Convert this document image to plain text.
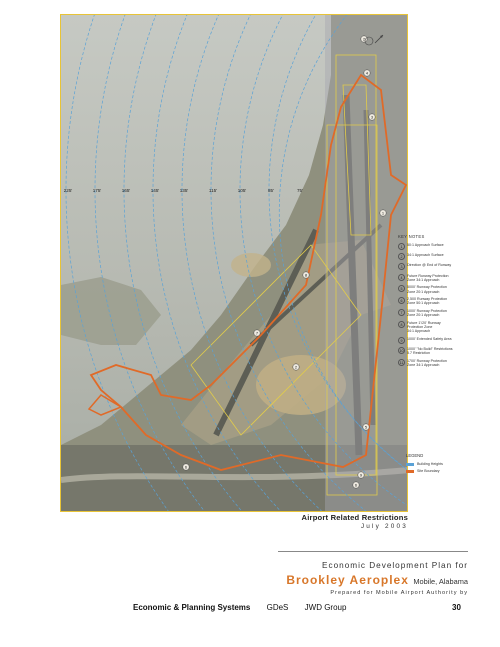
225'	175'	165'	145'	135'	115'	105'	85'	75'
2
4
3
1
8
7
2
6
5
9
6
KEY NOTES
1	50:1 Approach Surface
2	34:1 Approach Surface
3	Direction @ End of Runway
4	Future Runway Protection
Zone 34:1 Approach
5	5000' Runway Protection
Zone 20:1 Approach
6	2,500 Runway Protection
Zone 50:1 Approach
7	1000' Runway Protection
Zone 20:1 Approach
8	Future 1'/20' Runway
Protection Zone
34:1 Approach
9	1000' Extended Safety Area
10 1000' "No Build" Restrictions
5.7 Restriction
11	1700' Runway Protection
Zone 34:1 Approach
LEGEND
Building Heights
Site Boundary
Airport Related Restrictions
July 2003
Economic Development Plan for
Brookley Aeroplex Mobile, Alabama
Prepared for Mobile Airport Authority by
Economic & Planning Systems GDeS JWD Group	30
